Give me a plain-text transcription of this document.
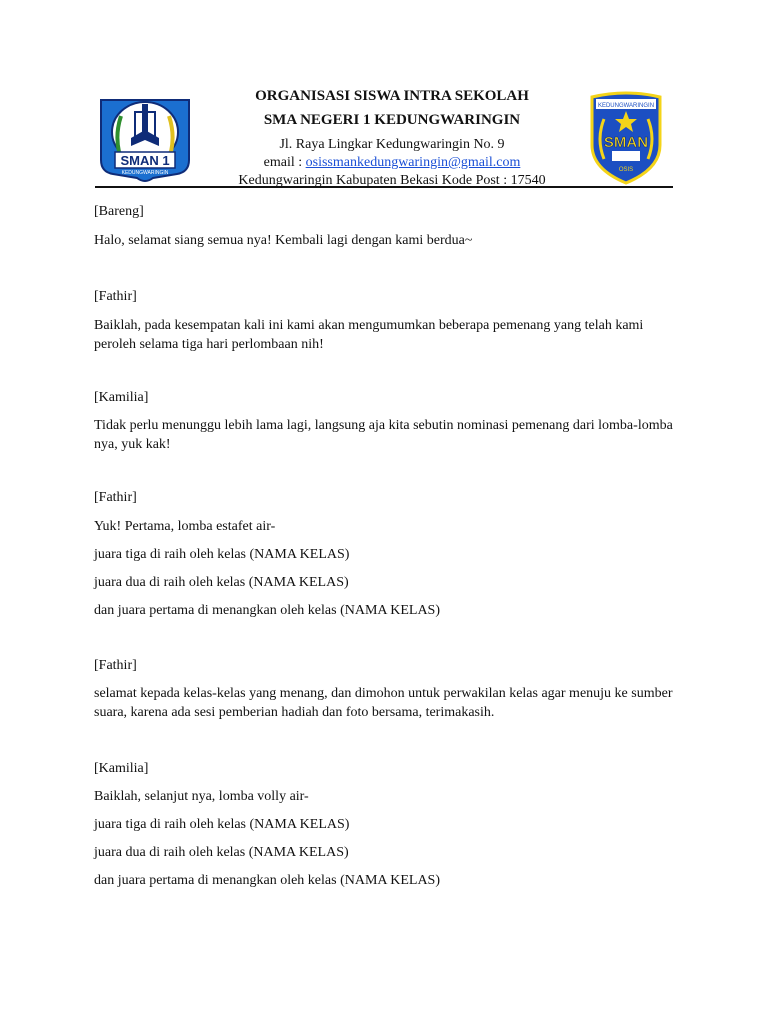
SMAN 1
KEDUNGWARINGIN
KEDUNGWARINGIN
SMAN
OSIS
ORGANISASI SISWA INTRA SEKOLAH
SMA NEGERI 1 KEDUNGWARINGIN
Jl. Raya Lingkar Kedungwaringin No. 9
email : osissmankedungwaringin@gmail.com
Kedungwaringin Kabupaten Bekasi Kode Post : 17540

[Bareng]

Halo, selamat siang semua nya! Kembali lagi dengan kami berdua~

[Fathir]

Baiklah, pada kesempatan kali ini kami akan mengumumkan beberapa pemenang yang telah kami peroleh selama tiga hari perlombaan nih!

[Kamilia]

Tidak perlu menunggu lebih lama lagi, langsung aja kita sebutin nominasi pemenang dari lomba-lomba nya, yuk kak!

[Fathir]

Yuk! Pertama, lomba estafet air-

juara tiga di raih oleh kelas (NAMA KELAS)

juara dua di raih oleh kelas (NAMA KELAS)

dan juara pertama di menangkan oleh kelas (NAMA KELAS)

[Fathir]

selamat kepada kelas-kelas yang menang, dan dimohon untuk perwakilan kelas agar menuju ke sumber suara, karena ada sesi pemberian hadiah dan foto bersama, terimakasih.

[Kamilia]

Baiklah, selanjut nya, lomba volly air-

juara tiga di raih oleh kelas (NAMA KELAS)

juara dua di raih oleh kelas (NAMA KELAS)

dan juara pertama di menangkan oleh kelas (NAMA KELAS)
